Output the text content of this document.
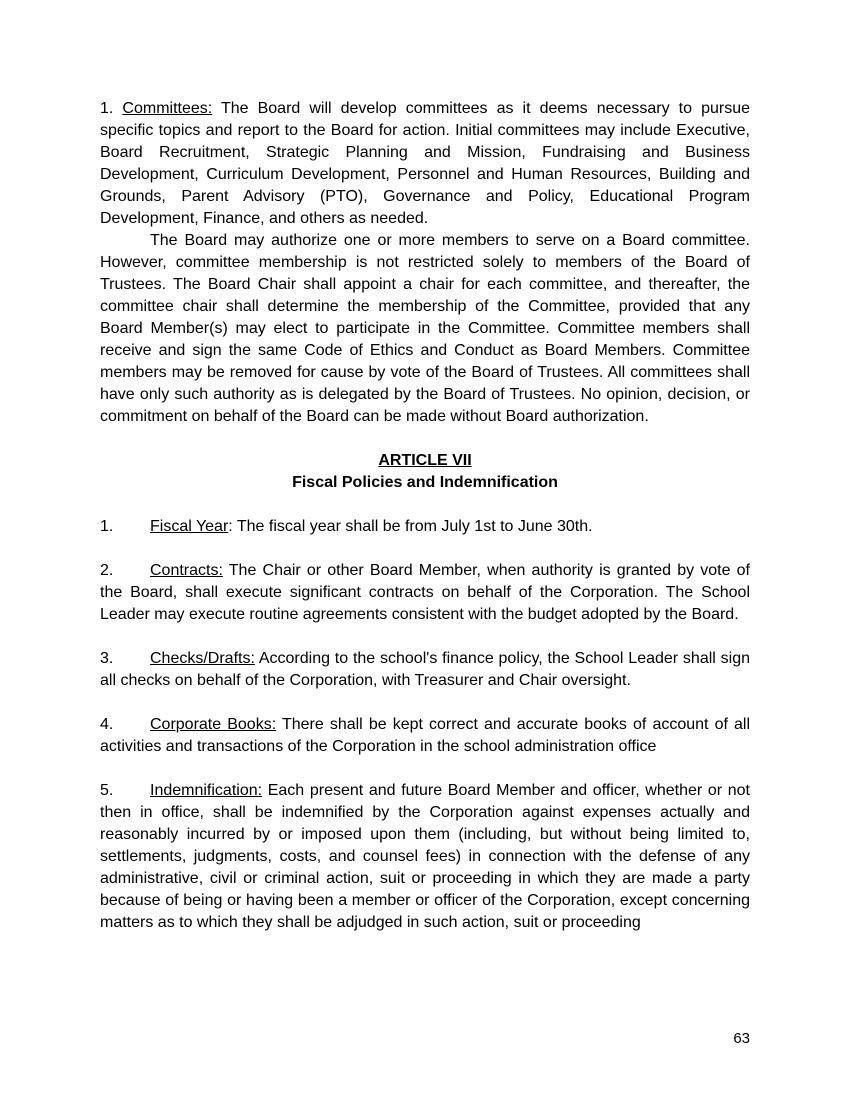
1. Committees: The Board will develop committees as it deems necessary to pursue specific topics and report to the Board for action. Initial committees may include Executive, Board Recruitment, Strategic Planning and Mission, Fundraising and Business Development, Curriculum Development, Personnel and Human Resources, Building and Grounds, Parent Advisory (PTO), Governance and Policy, Educational Program Development, Finance, and others as needed.

The Board may authorize one or more members to serve on a Board committee. However, committee membership is not restricted solely to members of the Board of Trustees. The Board Chair shall appoint a chair for each committee, and thereafter, the committee chair shall determine the membership of the Committee, provided that any Board Member(s) may elect to participate in the Committee. Committee members shall receive and sign the same Code of Ethics and Conduct as Board Members. Committee members may be removed for cause by vote of the Board of Trustees. All committees shall have only such authority as is delegated by the Board of Trustees. No opinion, decision, or commitment on behalf of the Board can be made without Board authorization.

ARTICLE VII

Fiscal Policies and Indemnification

1. Fiscal Year: The fiscal year shall be from July 1st to June 30th.

2. Contracts: The Chair or other Board Member, when authority is granted by vote of the Board, shall execute significant contracts on behalf of the Corporation. The School Leader may execute routine agreements consistent with the budget adopted by the Board.

3. Checks/Drafts: According to the school's finance policy, the School Leader shall sign all checks on behalf of the Corporation, with Treasurer and Chair oversight.

4. Corporate Books: There shall be kept correct and accurate books of account of all activities and transactions of the Corporation in the school administration office

5. Indemnification: Each present and future Board Member and officer, whether or not then in office, shall be indemnified by the Corporation against expenses actually and reasonably incurred by or imposed upon them (including, but without being limited to, settlements, judgments, costs, and counsel fees) in connection with the defense of any administrative, civil or criminal action, suit or proceeding in which they are made a party because of being or having been a member or officer of the Corporation, except concerning matters as to which they shall be adjudged in such action, suit or proceeding

63
